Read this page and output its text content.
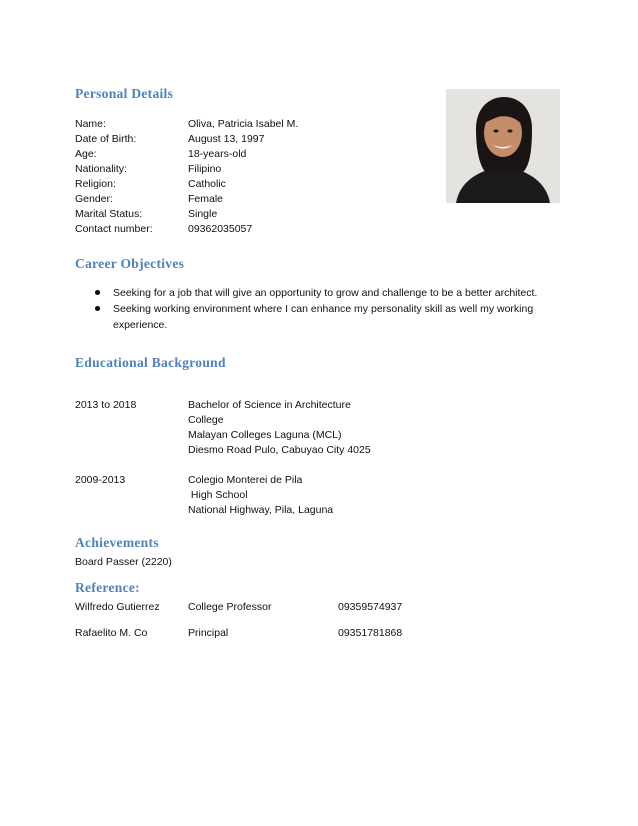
Personal Details
Name:	Oliva, Patricia Isabel M.
Date of Birth:	August 13, 1997
Age:	18-years-old
Nationality:	Filipino
Religion:	Catholic
Gender:	Female
Marital Status:	Single
Contact number:	09362035057
Career Objectives
Seeking for a job that will give an opportunity to grow and challenge to be a better architect.
Seeking working environment where I can enhance my personality skill as well my working experience.
Educational Background
2013 to 2018	Bachelor of Science in Architecture
College
Malayan Colleges Laguna (MCL)
Diesmo Road Pulo, Cabuyao City 4025
2009-2013	Colegio Monterei de Pila
High School
National Highway, Pila, Laguna
Achievements
Board Passer (2220)
Reference:
Wilfredo Gutierrez	College Professor	09359574937
Rafaelito M. Co	Principal	09351781868
